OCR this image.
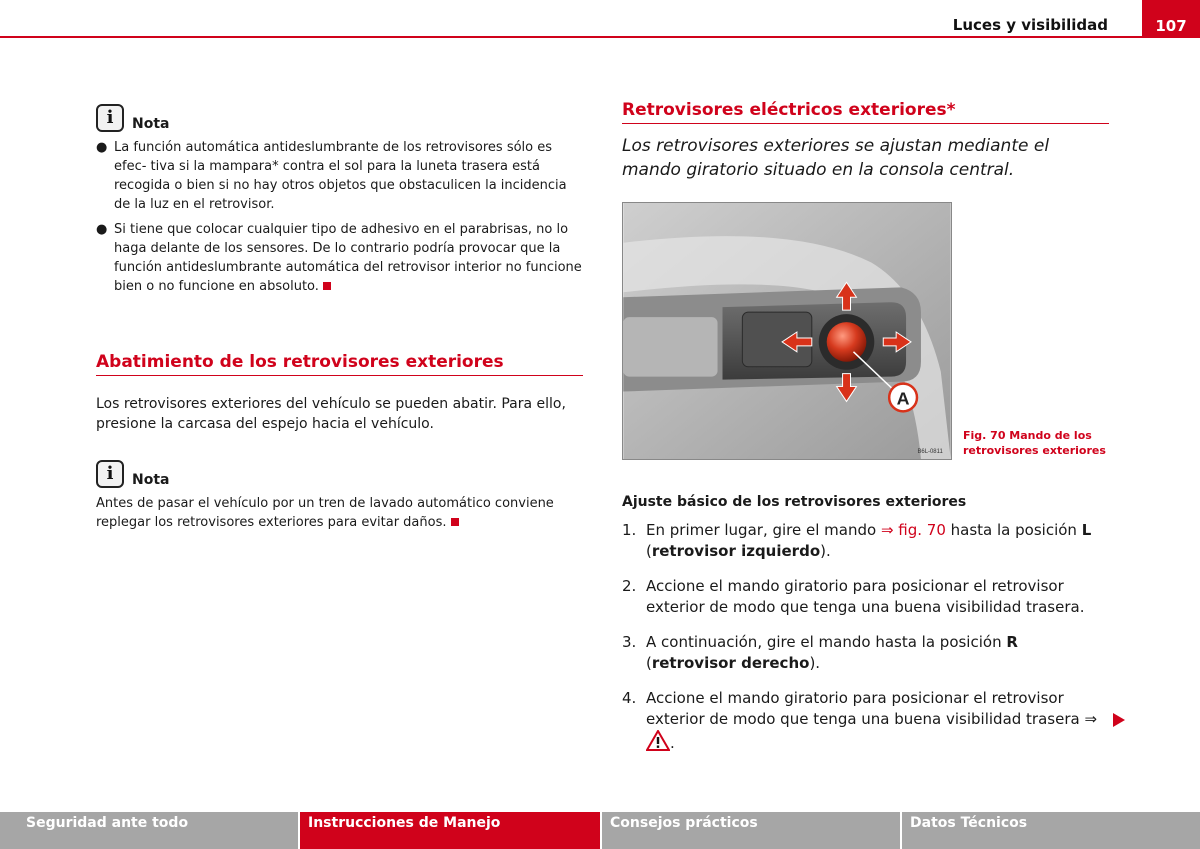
Luces y visibilidad	107
i Nota
● La función automática antideslumbrante de los retrovisores sólo es efec- tiva si la mampara* contra el sol para la luneta trasera está recogida o bien si no hay otros objetos que obstaculicen la incidencia de la luz en el retrovisor.
● Si tiene que colocar cualquier tipo de adhesivo en el parabrisas, no lo haga delante de los sensores. De lo contrario podría provocar que la función antideslumbrante automática del retrovisor interior no funcione bien o no funcione en absoluto.
Abatimiento de los retrovisores exteriores
Los retrovisores exteriores del vehículo se pueden abatir. Para ello, presione la carcasa del espejo hacia el vehículo.
i Nota
Antes de pasar el vehículo por un tren de lavado automático conviene replegar los retrovisores exteriores para evitar daños.
Retrovisores eléctricos exteriores*
Los retrovisores exteriores se ajustan mediante el mando giratorio situado en la consola central.
A
B6L-0811
Fig. 70 Mando de los
retrovisores exteriores
Ajuste básico de los retrovisores exteriores
1. En primer lugar, gire el mando ⇒ fig. 70 hasta la posición L (retrovisor izquierdo).
2. Accione el mando giratorio para posicionar el retrovisor exterior de modo que tenga una buena visibilidad trasera.
3. A continuación, gire el mando hasta la posición R (retrovisor derecho).
4. Accione el mando giratorio para posicionar el retrovisor exterior de modo que tenga una buena visibilidad trasera ⇒ .
Seguridad ante todo	Instrucciones de Manejo	Consejos prácticos	Datos Técnicos
